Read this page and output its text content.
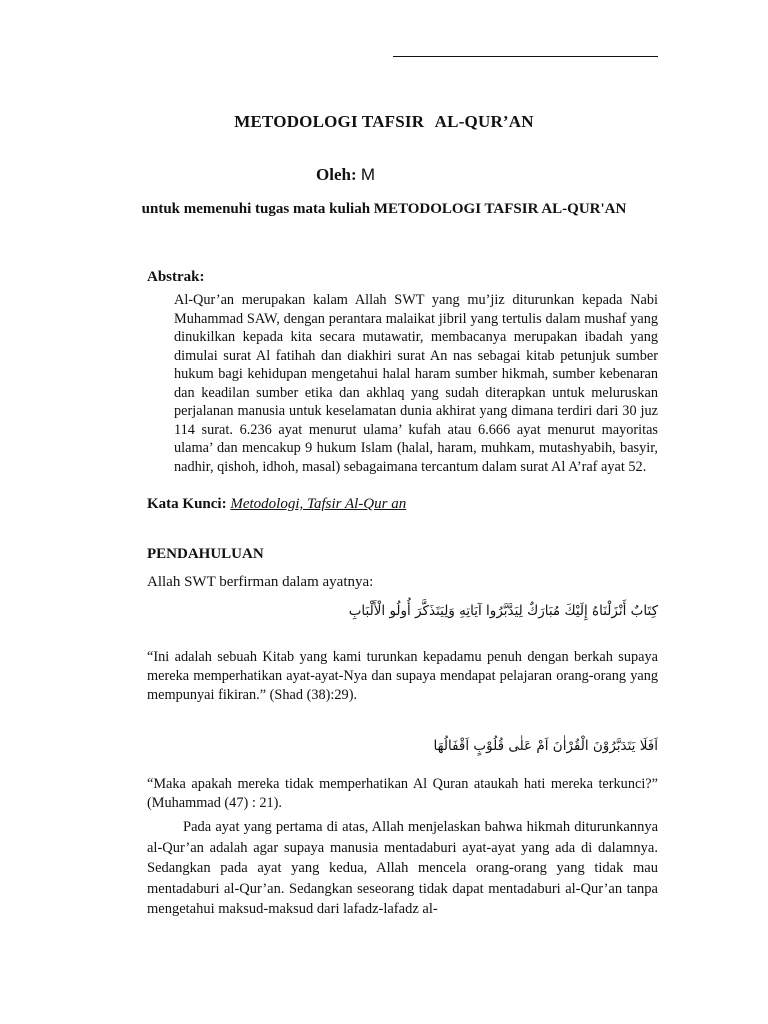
METODOLOGI TAFSIR AL-QUR’AN
Oleh: M
untuk memenuhi tugas mata kuliah METODOLOGI TAFSIR AL-QUR'AN
Abstrak:
Al-Qur’an merupakan kalam Allah SWT yang mu’jiz diturunkan kepada Nabi Muhammad SAW, dengan perantara malaikat jibril yang tertulis dalam mushaf yang dinukilkan kepada kita secara mutawatir, membacanya merupakan ibadah yang dimulai surat Al fatihah dan diakhiri surat An nas sebagai kitab petunjuk sumber hukum bagi kehidupan mengetahui halal haram sumber hikmah, sumber kebenaran dan keadilan sumber etika dan akhlaq yang sudah diterapkan untuk meluruskan perjalanan manusia untuk keselamatan dunia akhirat yang dimana terdiri dari 30 juz 114 surat. 6.236 ayat menurut ulama’ kufah atau 6.666 ayat menurut mayoritas ulama’ dan mencakup 9 hukum Islam (halal, haram, muhkam, mutashyabih, basyir, nadhir, qishoh, idhoh, masal) sebagaimana tercantum dalam surat Al A’raf ayat 52.
Kata Kunci: Metodologi, Tafsir Al-Qur an
PENDAHULUAN
Allah SWT berfirman dalam ayatnya:
كِتَابٌ أَنْزَلْنَاهُ إِلَيْكَ مُبَارَكٌ لِيَدَّبَّرُوا آيَاتِهِ وَلِيَتَذَكَّرَ أُولُو الْأَلْبَابِ
“Ini adalah sebuah Kitab yang kami turunkan kepadamu penuh dengan berkah supaya mereka memperhatikan ayat-ayat-Nya dan supaya mendapat pelajaran orang-orang yang mempunyai fikiran.” (Shad (38):29).
اَفَلَا يَتَدَبَّرُوْنَ الْقُرْاٰنَ اَمْ عَلٰى قُلُوْبٍ اَقْفَالُهَا
“Maka apakah mereka tidak memperhatikan Al Quran ataukah hati mereka terkunci?” (Muhammad (47) : 21).
Pada ayat yang pertama di atas, Allah menjelaskan bahwa hikmah diturunkannya al-Qur’an adalah agar supaya manusia mentadaburi ayat-ayat yang ada di dalamnya. Sedangkan pada ayat yang kedua, Allah mencela orang-orang yang tidak mau mentadaburi al-Qur’an. Sedangkan seseorang tidak dapat mentadaburi al-Qur’an tanpa mengetahui maksud-maksud dari lafadz-lafadz al-
